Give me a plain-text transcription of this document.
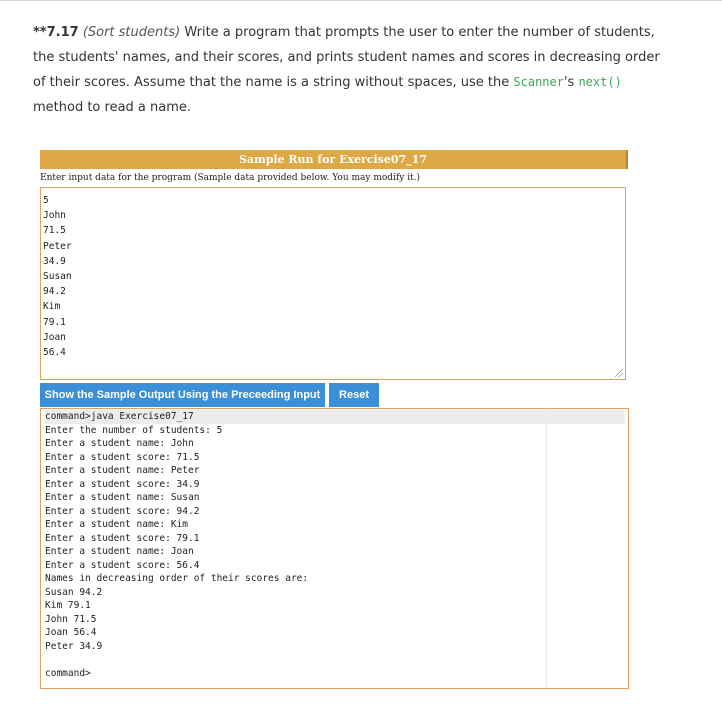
**7.17 (Sort students) Write a program that prompts the user to enter the number of students, the students' names, and their scores, and prints student names and scores in decreasing order of their scores. Assume that the name is a string without spaces, use the Scanner's next() method to read a name.
Sample Run for Exercise07_17
Enter input data for the program (Sample data provided below. You may modify it.)
5
John
71.5
Peter
34.9
Susan
94.2
Kim
79.1
Joan
56.4
Show the Sample Output Using the Preceeding Input	Reset
command>java Exercise07_17
Enter the number of students: 5
Enter a student name: John
Enter a student score: 71.5
Enter a student name: Peter
Enter a student score: 34.9
Enter a student name: Susan
Enter a student score: 94.2
Enter a student name: Kim
Enter a student score: 79.1
Enter a student name: Joan
Enter a student score: 56.4
Names in decreasing order of their scores are:
Susan 94.2
Kim 79.1
John 71.5
Joan 56.4
Peter 34.9

command>
